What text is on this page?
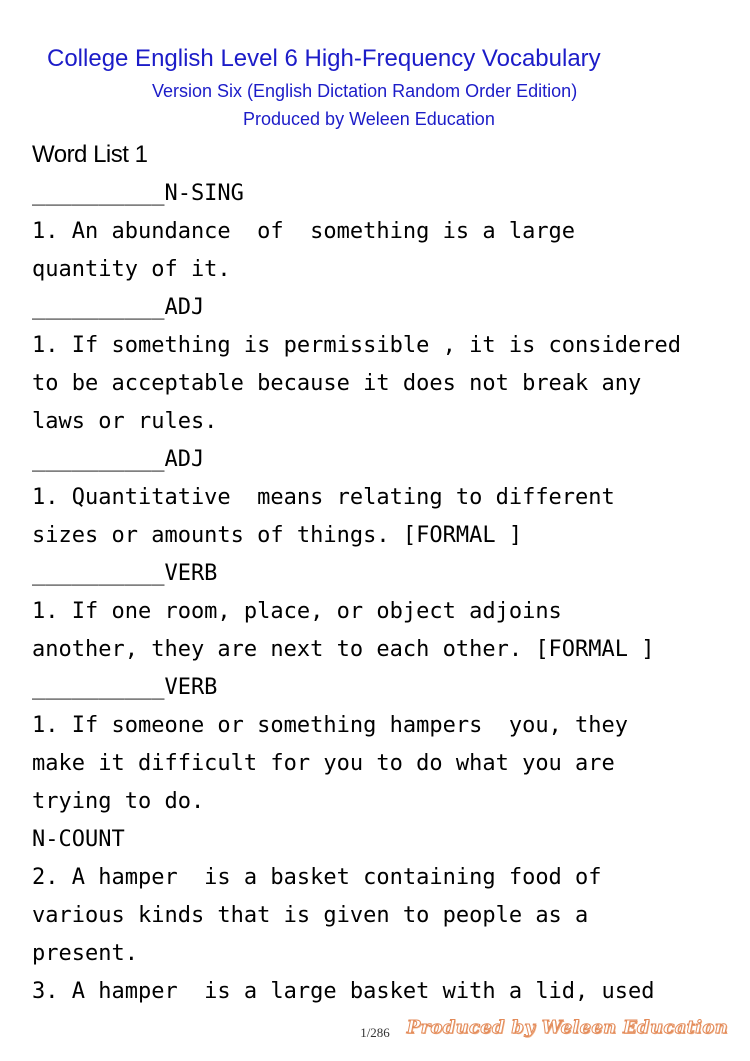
College English Level 6 High-Frequency Vocabulary
Version Six (English Dictation Random Order Edition)
Produced by Weleen Education
Word List 1
__________N-SING
1. An abundance  of  something is a large
quantity of it.
__________ADJ
1. If something is permissible , it is considered
to be acceptable because it does not break any
laws or rules.
__________ADJ
1. Quantitative  means relating to different
sizes or amounts of things. [FORMAL ]
__________VERB
1. If one room, place, or object adjoins
another, they are next to each other. [FORMAL ]
__________VERB
1. If someone or something hampers  you, they
make it difficult for you to do what you are
trying to do.
N-COUNT
2. A hamper  is a basket containing food of
various kinds that is given to people as a
present.
3. A hamper  is a large basket with a lid, used
1/286 Produced by Weleen Education
